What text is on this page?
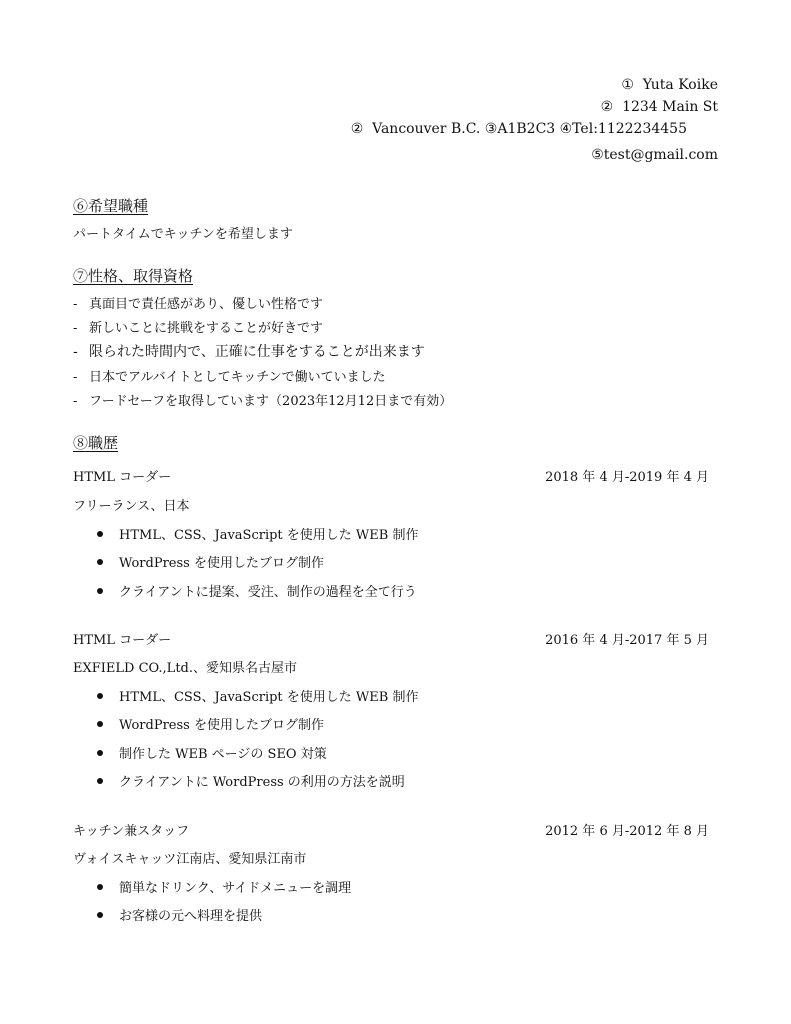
①  Yuta Koike
②  1234 Main St
②  Vancouver B.C. ③A1B2C3 ④Tel:1122234455
⑤test@gmail.com
⑥希望職種
パートタイムでキッチンを希望します
⑦性格、取得資格
- 真面目で責任感があり、優しい性格です
- 新しいことに挑戦をすることが好きです
- 限られた時間内で、正確に仕事をすることが出来ます
- 日本でアルバイトとしてキッチンで働いていました
- フードセーフを取得しています（2023年12月12日まで有効）
⑧職歴
HTML コーダー	2018 年 4 月-2019 年 4 月
フリーランス、日本
HTML、CSS、JavaScript を使用した WEB 制作
WordPress を使用したブログ制作
クライアントに提案、受注、制作の過程を全て行う
HTML コーダー	2016 年 4 月-2017 年 5 月
EXFIELD CO.,Ltd.、愛知県名古屋市
HTML、CSS、JavaScript を使用した WEB 制作
WordPress を使用したブログ制作
制作した WEB ページの SEO 対策
クライアントに WordPress の利用の方法を説明
キッチン兼スタッフ	2012 年 6 月-2012 年 8 月
ヴォイスキャッツ江南店、愛知県江南市
簡単なドリンク、サイドメニューを調理
お客様の元へ料理を提供
